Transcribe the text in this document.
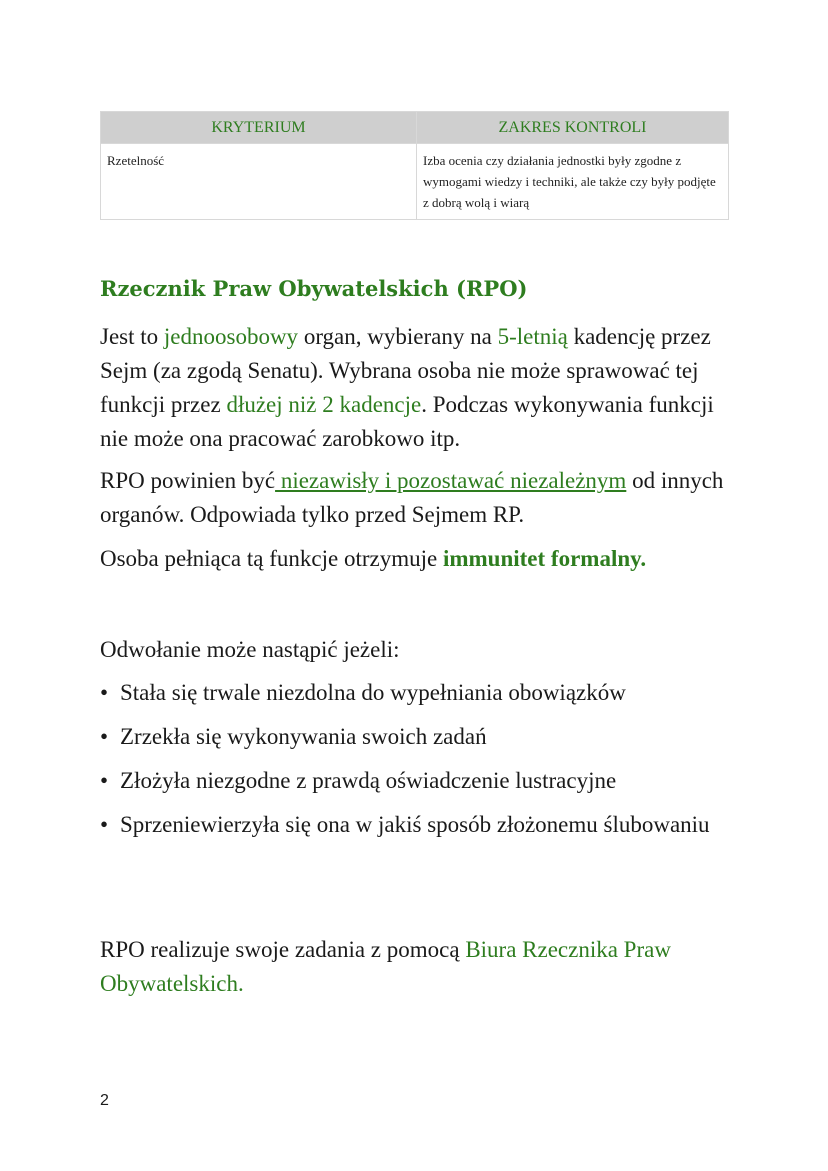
KRYTERIUM	ZAKRES KONTROLI
Rzetelność	Izba ocenia czy działania jednostki były zgodne z wymogami wiedzy i techniki, ale także czy były podjęte z dobrą wolą i wiarą
Rzecznik Praw Obywatelskich (RPO)

Jest to jednoosobowy organ, wybierany na 5-letnią kadencję przez Sejm (za zgodą Senatu). Wybrana osoba nie może sprawować tej funkcji przez dłużej niż 2 kadencje. Podczas wykonywania funkcji nie może ona pracować zarobkowo itp.

RPO powinien być niezawisły i pozostawać niezależnym od innych organów. Odpowiada tylko przed Sejmem RP.

Osoba pełniąca tą funkcje otrzymuje immunitet formalny.

Odwołanie może nastąpić jeżeli:

• Stała się trwale niezdolna do wypełniania obowiązków
• Zrzekła się wykonywania swoich zadań
• Złożyła niezgodne z prawdą oświadczenie lustracyjne
• Sprzeniewierzyła się ona w jakiś sposób złożonemu ślubowaniu

RPO realizuje swoje zadania z pomocą Biura Rzecznika Praw Obywatelskich.

2
